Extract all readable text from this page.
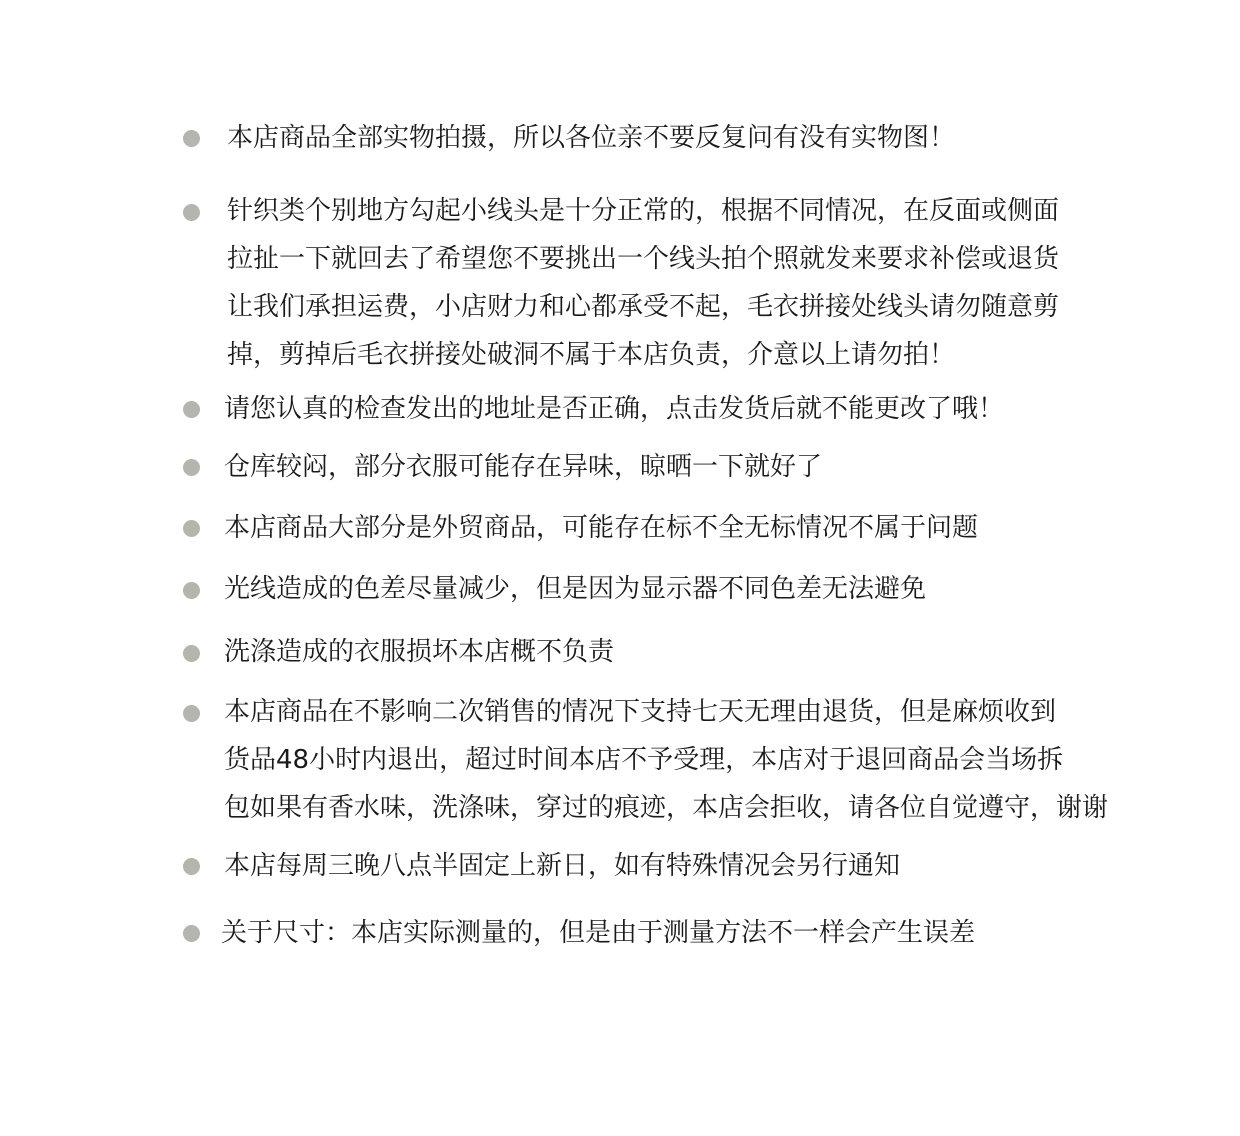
本店商品全部实物拍摄，所以各位亲不要反复问有没有实物图！
针织类个别地方勾起小线头是十分正常的，根据不同情况，在反面或侧面
拉扯一下就回去了希望您不要挑出一个线头拍个照就发来要求补偿或退货
让我们承担运费，小店财力和心都承受不起，毛衣拼接处线头请勿随意剪
掉，剪掉后毛衣拼接处破洞不属于本店负责，介意以上请勿拍！
请您认真的检查发出的地址是否正确，点击发货后就不能更改了哦！
仓库较闷，部分衣服可能存在异味，晾晒一下就好了
本店商品大部分是外贸商品，可能存在标不全无标情况不属于问题
光线造成的色差尽量减少，但是因为显示器不同色差无法避免
洗涤造成的衣服损坏本店概不负责
本店商品在不影响二次销售的情况下支持七天无理由退货，但是麻烦收到
货品48小时内退出，超过时间本店不予受理，本店对于退回商品会当场拆
包如果有香水味，洗涤味，穿过的痕迹，本店会拒收，请各位自觉遵守，谢谢
本店每周三晚八点半固定上新日，如有特殊情况会另行通知
关于尺寸：本店实际测量的，但是由于测量方法不一样会产生误差
